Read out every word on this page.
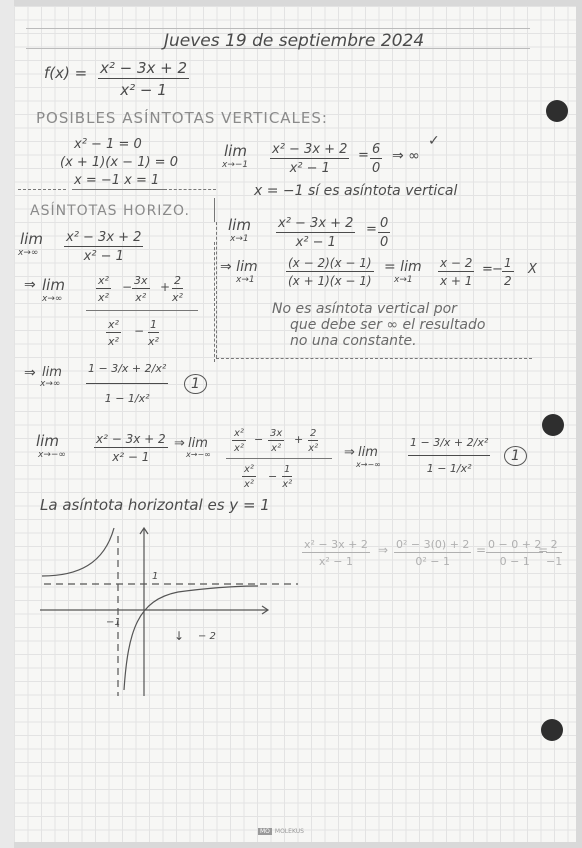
Jueves 19 de septiembre 2024
$f(x) = \frac{\text{x² − 3x + 2}}{\text{x² − 1}}$
POSIBLES ASÍNTOTAS VERTICALES:
x² − 1 = 0
(x + 1)(x − 1) = 0
x = −1 x = 1
lim
$x\to-1 \frac{\text{x² − 3x + 2}}{\text{x² − 1}} = \frac{6}{0}$ ⇒ ∞
✓
x = −1 sí es asíntota vertical
ASÍNTOTAS HORIZO.
lim
$x\to 1 \frac{\text{x² − 3x + 2}}{\text{x² − 1}} = \frac{0}{0}$
⇒ lim
x→1	$\frac{(x - 2)(x - 1)}{(x + 1)(x - 1)} = \lim$
$x\to 1 \frac{x - 2}{x + 1}$ = − $\frac{1}{2}$ X
No es asíntota vertical por
que debe ser ∞ el resultado
no una constante.
lim
$x\to\infty \frac{\text{x² − 3x + 2}}{\text{x² − 1}}$
⇒ lim
x→∞	$\frac{\text{x²}}{\text{x²}} - \frac{3x}{\text{x²}} + \frac{2}{\text{x²}}$
$\frac{\text{x²}}{\text{x²}} - \frac{1}{\text{x²}}$
⇒ lim
$x\to\infty \frac{\text{1 − 3/x + 2/x²}}{\text{1 − 1/x²}}$	1
lim
$x\to-\infty \frac{\text{x² − 3x + 2}}{\text{x² − 1}}$ ⇒ lim
x→−∞
$\frac{\text{x²}}{\text{x²}} - \frac{3x}{\text{x²}} + \frac{2}{\text{x²}}$
$\frac{\text{x²}}{\text{x²}} - \frac{1}{\text{x²}}$
⇒ lim
$x\to-\infty \frac{\text{1 − 3/x + 2/x²}}{\text{1 − 1/x²}}$	1
La asíntota horizontal es y = 1
1
−1
↓ − 2
$\frac{\text{x² − 3x + 2}}{\text{x² − 1}}$ ⇒ $\frac{\text{0² − 3(0) + 2}}{\text{0² − 1}} = \frac{0 - 0 + 2}{0 - 1}$
=
$\frac{2}{-1}$
MO MOLEKUS
